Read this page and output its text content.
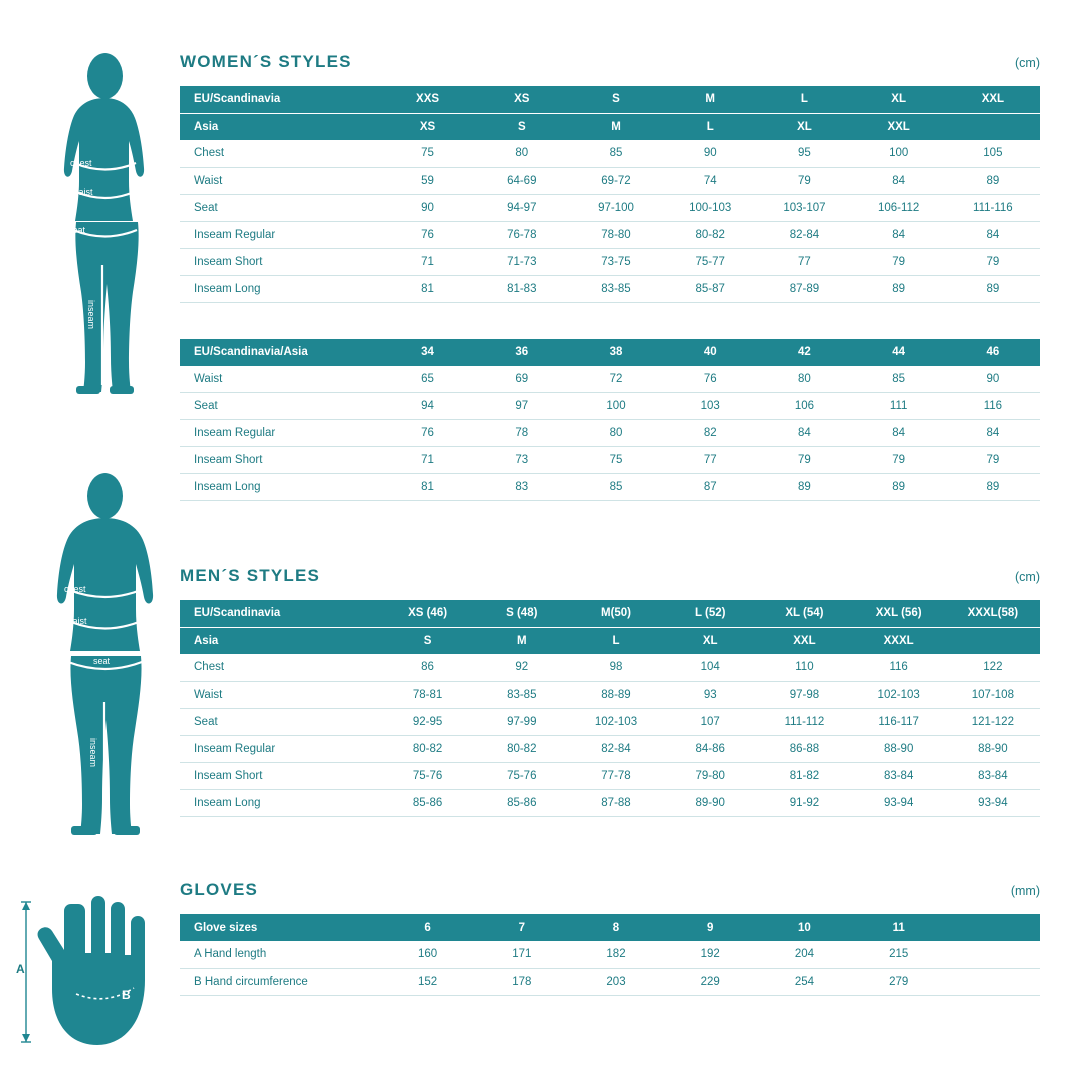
chest
waist
seat
inseam
chest
waist
seat
inseam
A
B
WOMEN´S STYLES	(cm)
EU/Scandinavia	XXS	XS	S	M	L	XL	XXL
Asia	XS	S	M	L	XL	XXL	
Chest	75	80	85	90	95	100	105
Waist	59	64-69	69-72	74	79	84	89
Seat	90	94-97	97-100	100-103	103-107	106-112	111-116
Inseam Regular	76	76-78	78-80	80-82	82-84	84	84
Inseam Short	71	71-73	73-75	75-77	77	79	79
Inseam Long	81	81-83	83-85	85-87	87-89	89	89
EU/Scandinavia/Asia	34	36	38	40	42	44	46
Waist	65	69	72	76	80	85	90
Seat	94	97	100	103	106	111	116
Inseam Regular	76	78	80	82	84	84	84
Inseam Short	71	73	75	77	79	79	79
Inseam Long	81	83	85	87	89	89	89
MEN´S STYLES	(cm)
EU/Scandinavia	XS (46)	S (48)	M(50)	L (52)	XL (54)	XXL (56)	XXXL(58)
Asia	S	M	L	XL	XXL	XXXL	
Chest	86	92	98	104	110	116	122
Waist	78-81	83-85	88-89	93	97-98	102-103	107-108
Seat	92-95	97-99	102-103	107	111-112	116-117	121-122
Inseam Regular	80-82	80-82	82-84	84-86	86-88	88-90	88-90
Inseam Short	75-76	75-76	77-78	79-80	81-82	83-84	83-84
Inseam Long	85-86	85-86	87-88	89-90	91-92	93-94	93-94
GLOVES	(mm)
Glove sizes	6	7	8	9	10	11	
A Hand length	160	171	182	192	204	215	
B Hand circumference	152	178	203	229	254	279	
